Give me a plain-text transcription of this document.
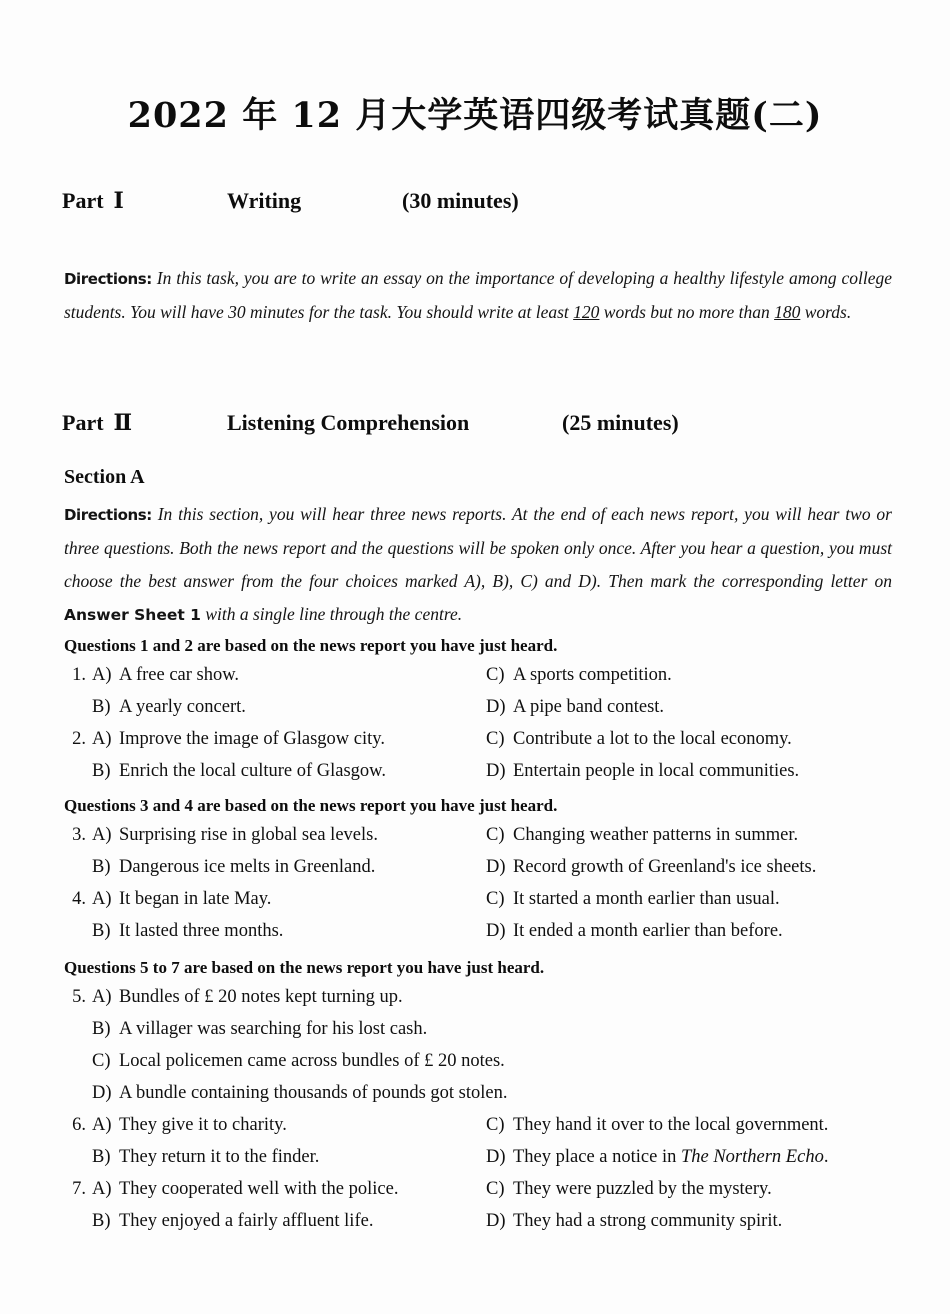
2022 年 12 月大学英语四级考试真题(二)
Part Ⅰ	Writing	(30 minutes)
Directions: In this task, you are to write an essay on the importance of developing a healthy lifestyle among college students. You will have 30 minutes for the task. You should write at least 120 words but no more than 180 words.
Part Ⅱ	Listening Comprehension	(25 minutes)
Section A
Directions: In this section, you will hear three news reports. At the end of each news report, you will hear two or three questions. Both the news report and the questions will be spoken only once. After you hear a question, you must choose the best answer from the four choices marked A), B), C) and D). Then mark the corresponding letter on Answer Sheet 1 with a single line through the centre.
Questions 1 and 2 are based on the news report you have just heard.
1. A) A free car show.	C) A sports competition.
B) A yearly concert.	D) A pipe band contest.
2. A) Improve the image of Glasgow city.	C) Contribute a lot to the local economy.
B) Enrich the local culture of Glasgow.	D) Entertain people in local communities.
Questions 3 and 4 are based on the news report you have just heard.
3. A) Surprising rise in global sea levels.	C) Changing weather patterns in summer.
B) Dangerous ice melts in Greenland.	D) Record growth of Greenland's ice sheets.
4. A) It began in late May.	C) It started a month earlier than usual.
B) It lasted three months.	D) It ended a month earlier than before.
Questions 5 to 7 are based on the news report you have just heard.
5. A) Bundles of £ 20 notes kept turning up.
B) A villager was searching for his lost cash.
C) Local policemen came across bundles of £ 20 notes.
D) A bundle containing thousands of pounds got stolen.
6. A) They give it to charity.	C) They hand it over to the local government.
B) They return it to the finder.	D) They place a notice in The Northern Echo.
7. A) They cooperated well with the police.	C) They were puzzled by the mystery.
B) They enjoyed a fairly affluent life.	D) They had a strong community spirit.
